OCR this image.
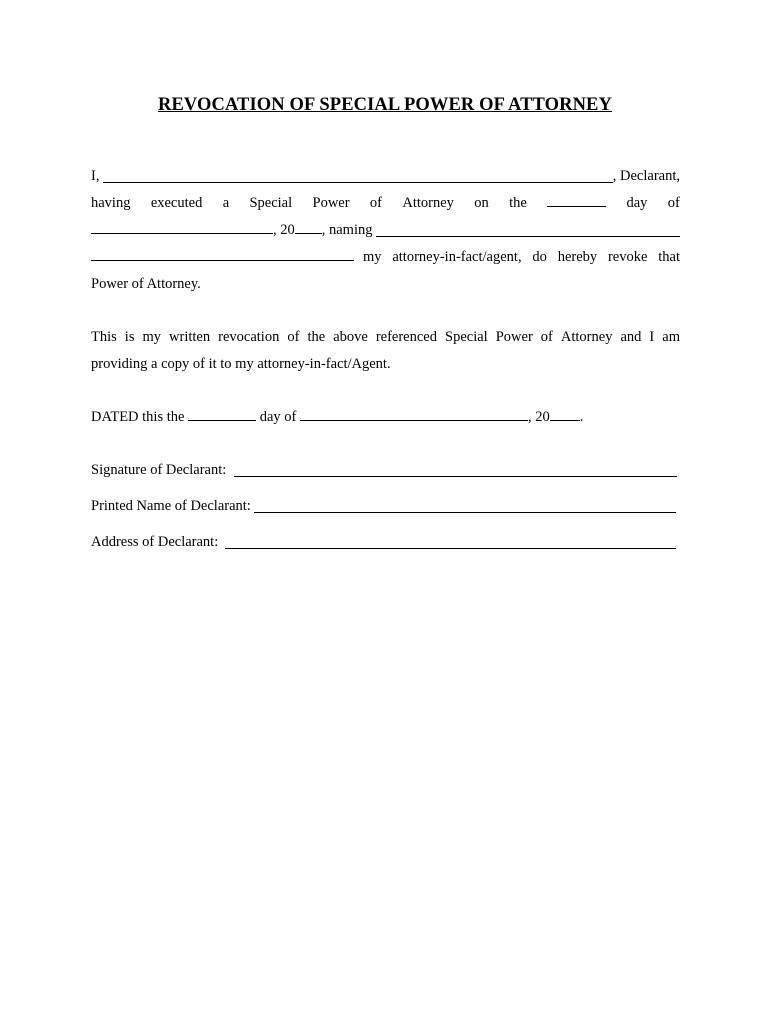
REVOCATION OF SPECIAL POWER OF ATTORNEY
I,
	, Declarant,
having executed a Special Power of Attorney on the	day of
, 20 , naming

my attorney-in-fact/agent, do hereby revoke that
Power of Attorney.
This is my written revocation of the above referenced Special Power of Attorney and I am
providing a copy of it to my attorney-in-fact/Agent.
DATED this the

	day of
	, 20 .
Signature of Declarant:

Printed Name of Declarant:

Address of Declarant:
